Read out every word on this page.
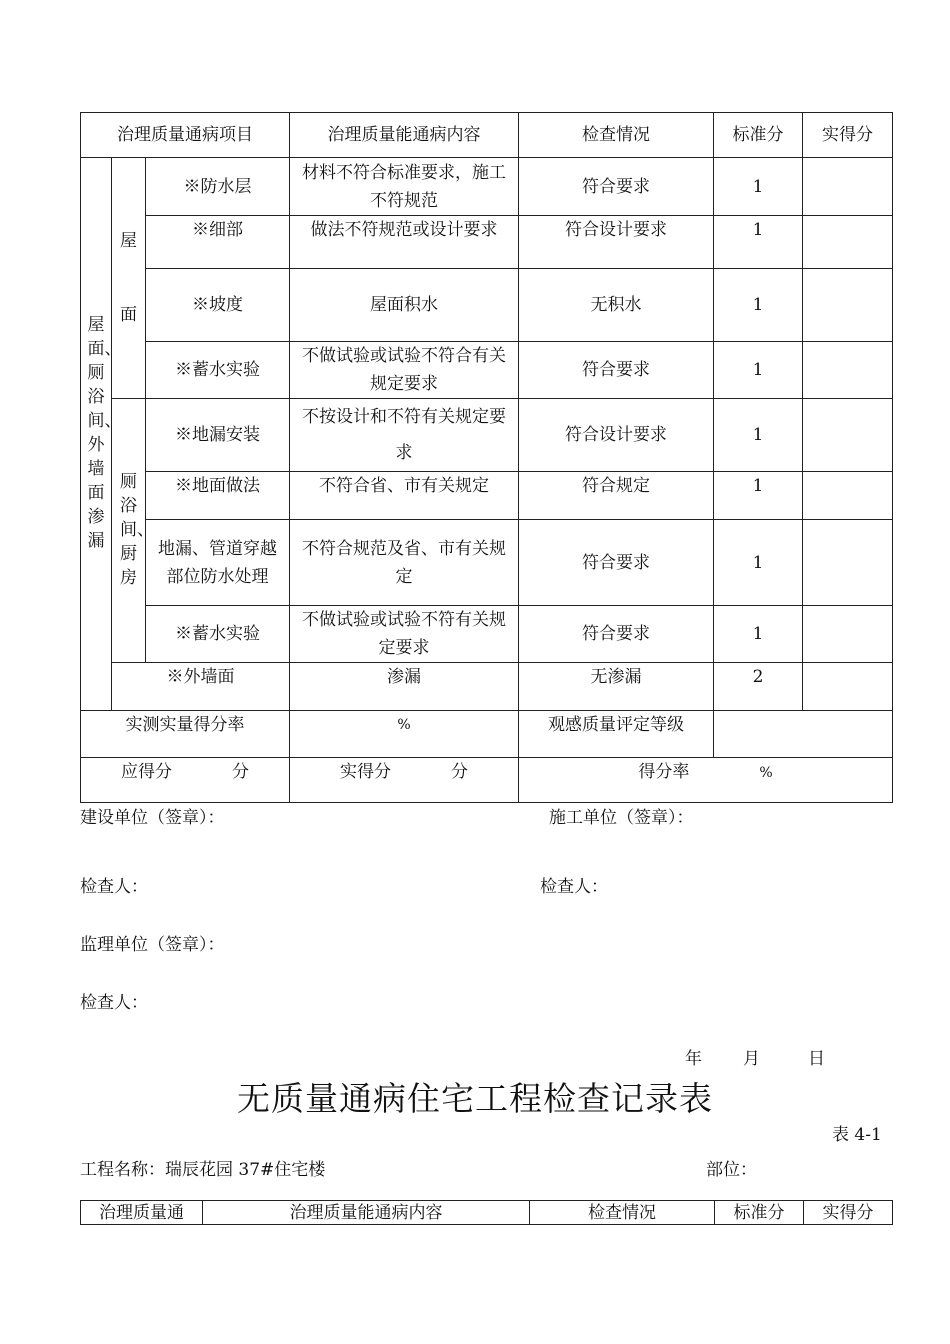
治理质量通病项目			治理质量能通病内容	检查情况	标准分	实得分
屋面、厕浴间、外墙面渗漏	屋面	※防水层	材料不符合标准要求，施工不符规范	符合要求	1	
		※细部	做法不符规范或设计要求	符合设计要求	1	
		※坡度	屋面积水	无积水	1	
		※蓄水实验	不做试验或试验不符合有关规定要求	符合要求	1	
	厕浴间、厨房	※地漏安装	不按设计和不符有关规定要求	符合设计要求	1	
		※地面做法	不符合省、市有关规定	符合规定	1	
		地漏、管道穿越部位防水处理	不符合规范及省、市有关规定	符合要求	1	
		※蓄水实验	不做试验或试验不符有关规定要求	符合要求	1	
	※外墙面		渗漏	无渗漏	2	
实测实量得分率			%	观感质量评定等级		
应得分 分			实得分 分	得分率 %		
建设单位（签章）：	施工单位（签章）：
检查人：	检查人：
监理单位（签章）：
检查人：
年 月	日
无质量通病住宅工程检查记录表
表 4-1
工程名称：瑞辰花园 37#住宅楼	部位：
治理质量通	治理质量能通病内容	检查情况	标准分	实得分
